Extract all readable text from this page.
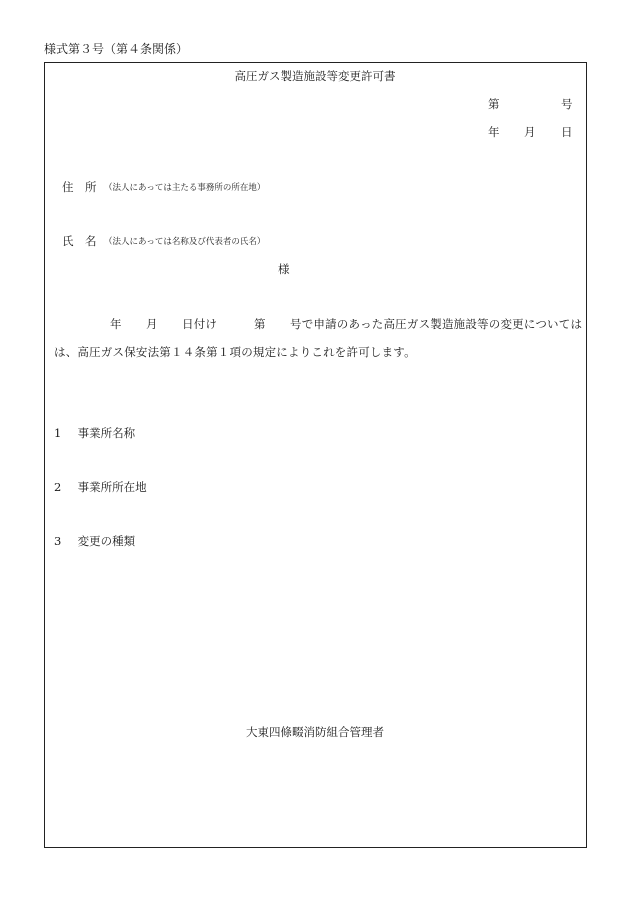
様式第３号（第４条関係）
高圧ガス製造施設等変更許可書
第	号
年 月 日
住　所 （法人にあっては主たる事務所の所在地）
氏　名 （法人にあっては名称及び代表者の氏名）
様
年 月 日付け	第 号で申請のあった高圧ガス製造施設等の変更については
は、高圧ガス保安法第１４条第１項の規定によりこれを許可します。
1 事業所名称
2 事業所所在地
3 変更の種類
大東四條畷消防組合管理者
